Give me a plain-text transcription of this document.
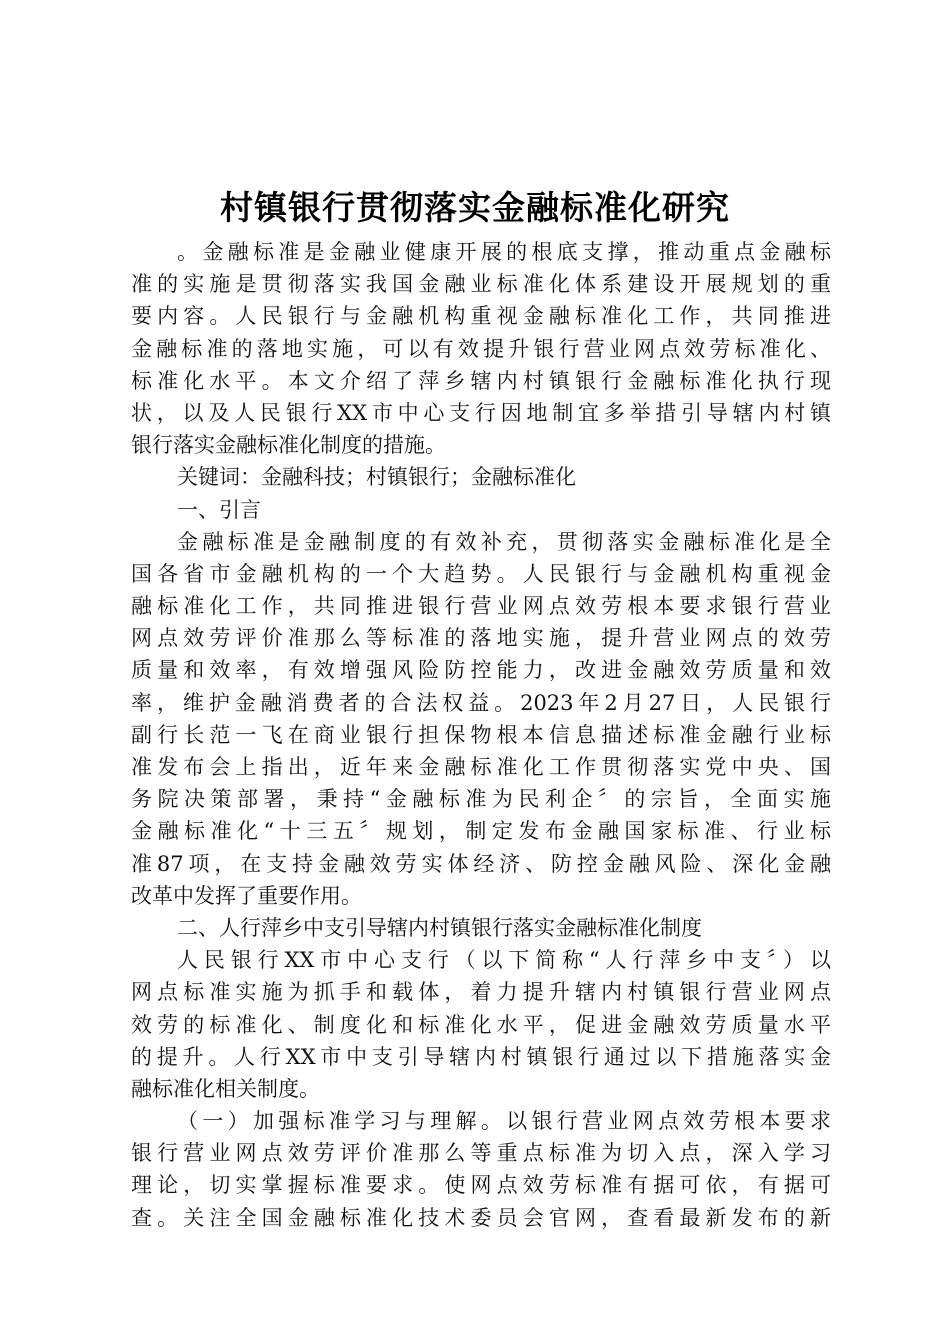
村镇银行贯彻落实金融标准化研究
。金融标准是金融业健康开展的根底支撑，推动重点金融标
准的实施是贯彻落实我国金融业标准化体系建设开展规划的重
要内容。人民银行与金融机构重视金融标准化工作，共同推进
金融标准的落地实施，可以有效提升银行营业网点效劳标准化、
标准化水平。本文介绍了萍乡辖内村镇银行金融标准化执行现
状，以及人民银行XX市中心支行因地制宜多举措引导辖内村镇
银行落实金融标准化制度的措施。
关键词：金融科技；村镇银行；金融标准化
一、引言
金融标准是金融制度的有效补充，贯彻落实金融标准化是全
国各省市金融机构的一个大趋势。人民银行与金融机构重视金
融标准化工作，共同推进银行营业网点效劳根本要求银行营业
网点效劳评价准那么等标准的落地实施，提升营业网点的效劳
质量和效率，有效增强风险防控能力，改进金融效劳质量和效
率，维护金融消费者的合法权益。2023年2月27日，人民银行
副行长范一飞在商业银行担保物根本信息描述标准金融行业标
准发布会上指出，近年来金融标准化工作贯彻落实党中央、国
务院决策部署，秉持“金融标准为民利企〞的宗旨，全面实施
金融标准化“十三五〞规划，制定发布金融国家标准、行业标
准87项，在支持金融效劳实体经济、防控金融风险、深化金融
改革中发挥了重要作用。
二、人行萍乡中支引导辖内村镇银行落实金融标准化制度
人民银行XX市中心支行（以下简称“人行萍乡中支〞）以
网点标准实施为抓手和载体，着力提升辖内村镇银行营业网点
效劳的标准化、制度化和标准化水平，促进金融效劳质量水平
的提升。人行XX市中支引导辖内村镇银行通过以下措施落实金
融标准化相关制度。
（一）加强标准学习与理解。以银行营业网点效劳根本要求
银行营业网点效劳评价准那么等重点标准为切入点，深入学习
理论，切实掌握标准要求。使网点效劳标准有据可依，有据可
查。关注全国金融标准化技术委员会官网，查看最新发布的新
